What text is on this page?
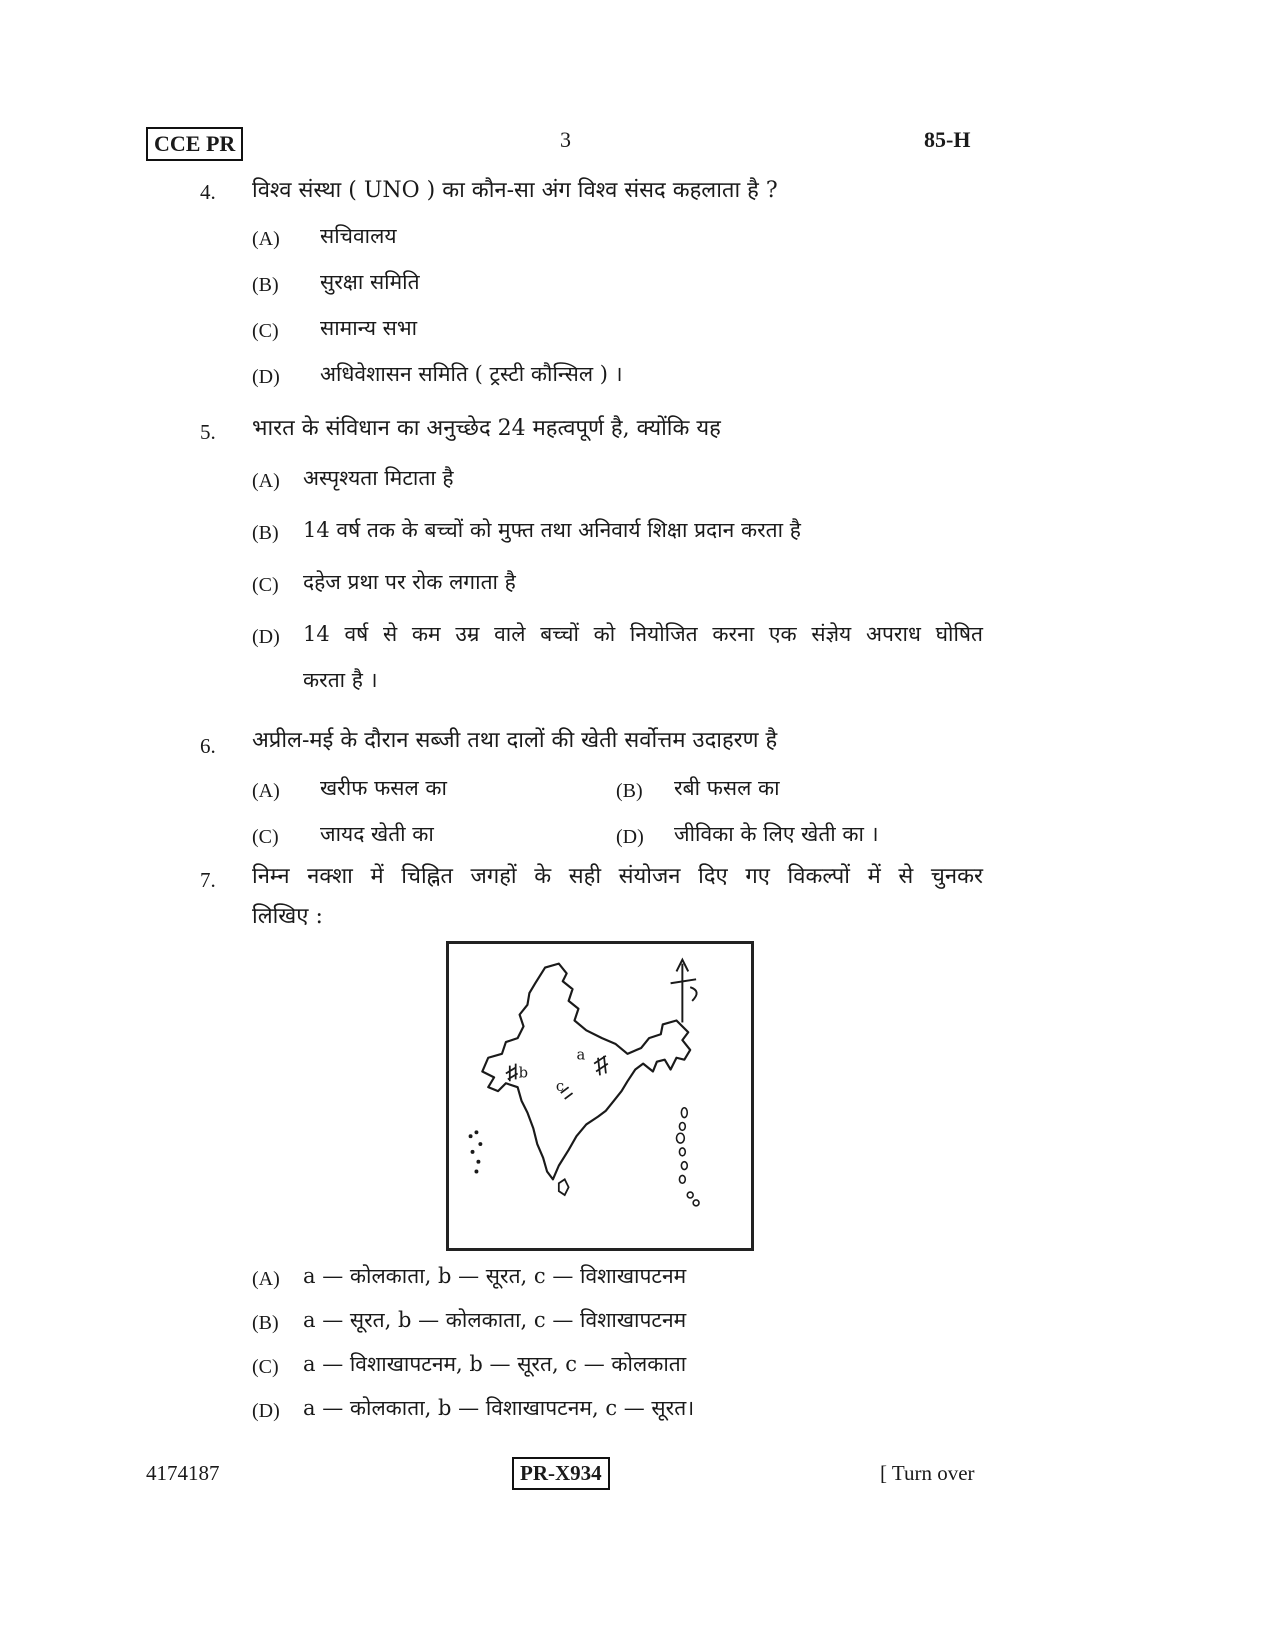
CCE PR	3	85-H
4. विश्व संस्था ( UNO ) का कौन-सा अंग विश्व संसद कहलाता है ?
(A) सचिवालय
(B) सुरक्षा समिति
(C) सामान्य सभा
(D) अधिवेशासन समिति ( ट्रस्टी कौन्सिल ) ।
5. भारत के संविधान का अनुच्छेद 24 महत्वपूर्ण है, क्योंकि यह
(A) अस्पृश्यता मिटाता है
(B) 14 वर्ष तक के बच्चों को मुफ्त तथा अनिवार्य शिक्षा प्रदान करता है
(C) दहेज प्रथा पर रोक लगाता है
(D) 14 वर्ष से कम उम्र वाले बच्चों को नियोजित करना एक संज्ञेय अपराध घोषित
करता है ।
6. अप्रील-मई के दौरान सब्जी तथा दालों की खेती सर्वोत्तम उदाहरण है
(A) खरीफ फसल का	(B) रबी फसल का
(C) जायद खेती का	(D) जीविका के लिए खेती का ।
7. निम्न नक्शा में चिह्नित जगहों के सही संयोजन दिए गए विकल्पों में से चुनकर
लिखिए :
b
a
c
(A) a — कोलकाता, b — सूरत, c — विशाखापटनम
(B) a — सूरत, b — कोलकाता, c — विशाखापटनम
(C) a — विशाखापटनम, b — सूरत, c — कोलकाता
(D) a — कोलकाता, b — विशाखापटनम, c — सूरत।
4174187	PR-X934	[ Turn over
